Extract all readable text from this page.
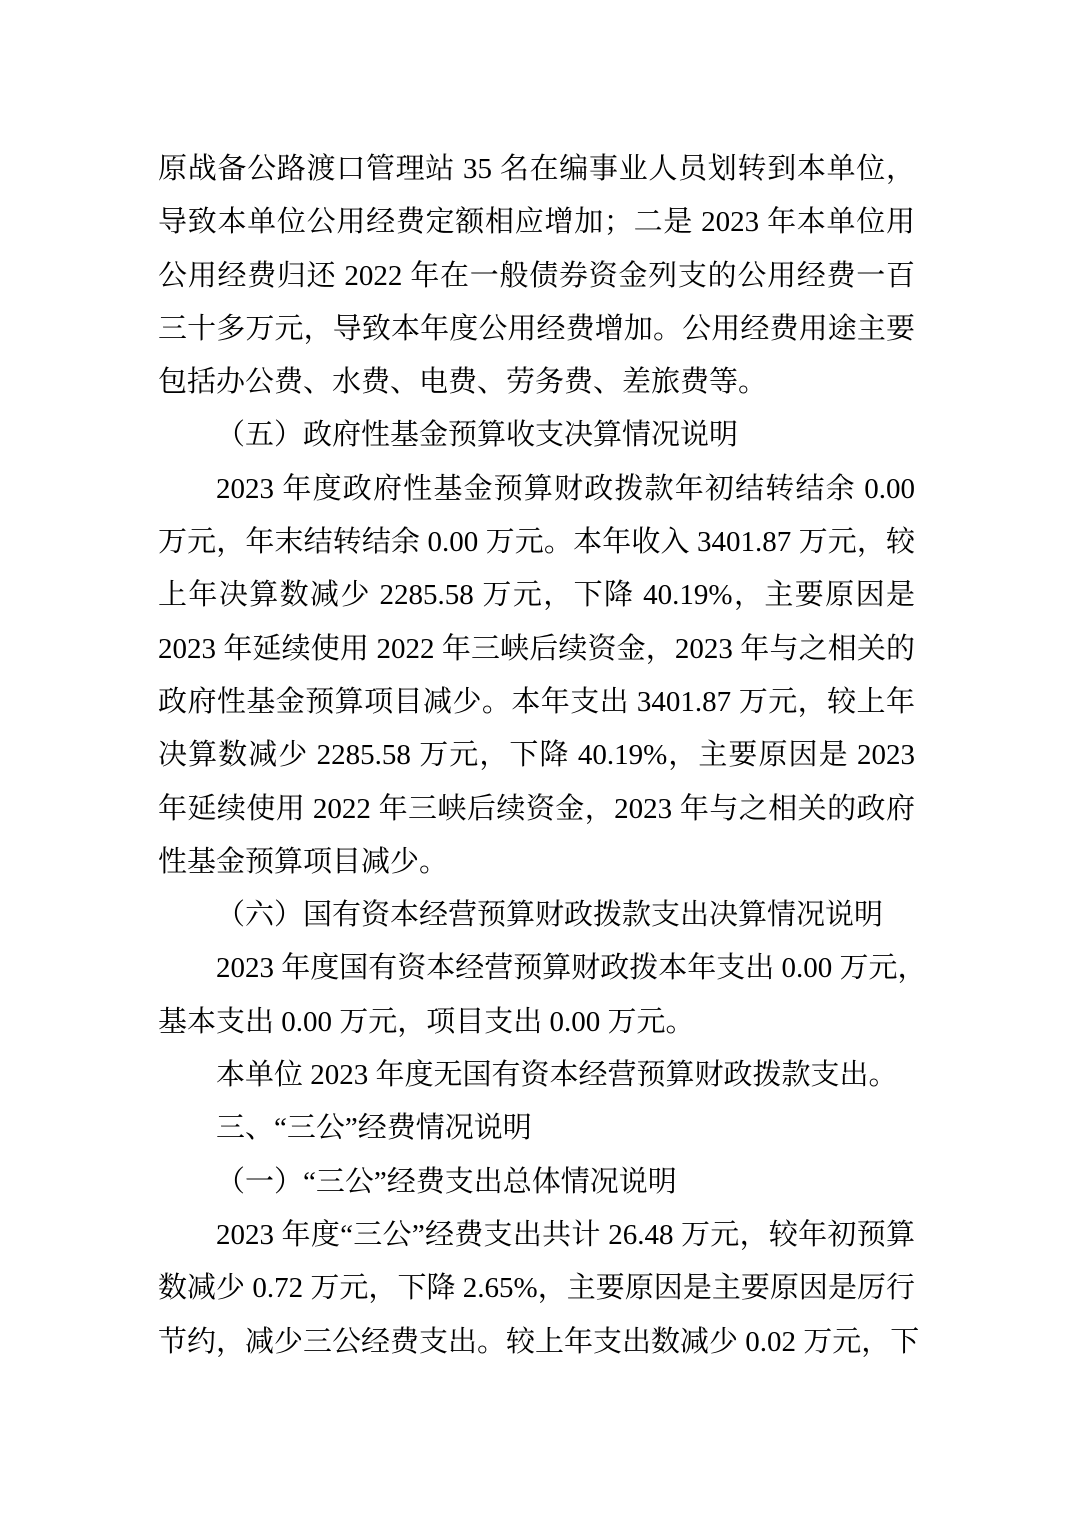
原战备公路渡口管理站 35 名在编事业人员划转到本单位，
导致本单位公用经费定额相应增加；二是 2023 年本单位用
公用经费归还 2022 年在一般债券资金列支的公用经费一百
三十多万元，导致本年度公用经费增加。公用经费用途主要
包括办公费、水费、电费、劳务费、差旅费等。
（五）政府性基金预算收支决算情况说明
2023 年度政府性基金预算财政拨款年初结转结余 0.00
万元，年末结转结余 0.00 万元。本年收入 3401.87 万元，较
上年决算数减少 2285.58 万元，下降 40.19%，主要原因是
2023 年延续使用 2022 年三峡后续资金，2023 年与之相关的
政府性基金预算项目减少。本年支出 3401.87 万元，较上年
决算数减少 2285.58 万元，下降 40.19%，主要原因是 2023
年延续使用 2022 年三峡后续资金，2023 年与之相关的政府
性基金预算项目减少。
（六）国有资本经营预算财政拨款支出决算情况说明
2023 年度国有资本经营预算财政拨本年支出 0.00 万元，
基本支出 0.00 万元，项目支出 0.00 万元。
本单位 2023 年度无国有资本经营预算财政拨款支出。
三、“三公”经费情况说明
（一）“三公”经费支出总体情况说明
2023 年度“三公”经费支出共计 26.48 万元，较年初预算
数减少 0.72 万元，下降 2.65%，主要原因是主要原因是厉行
节约，减少三公经费支出。较上年支出数减少 0.02 万元，下
